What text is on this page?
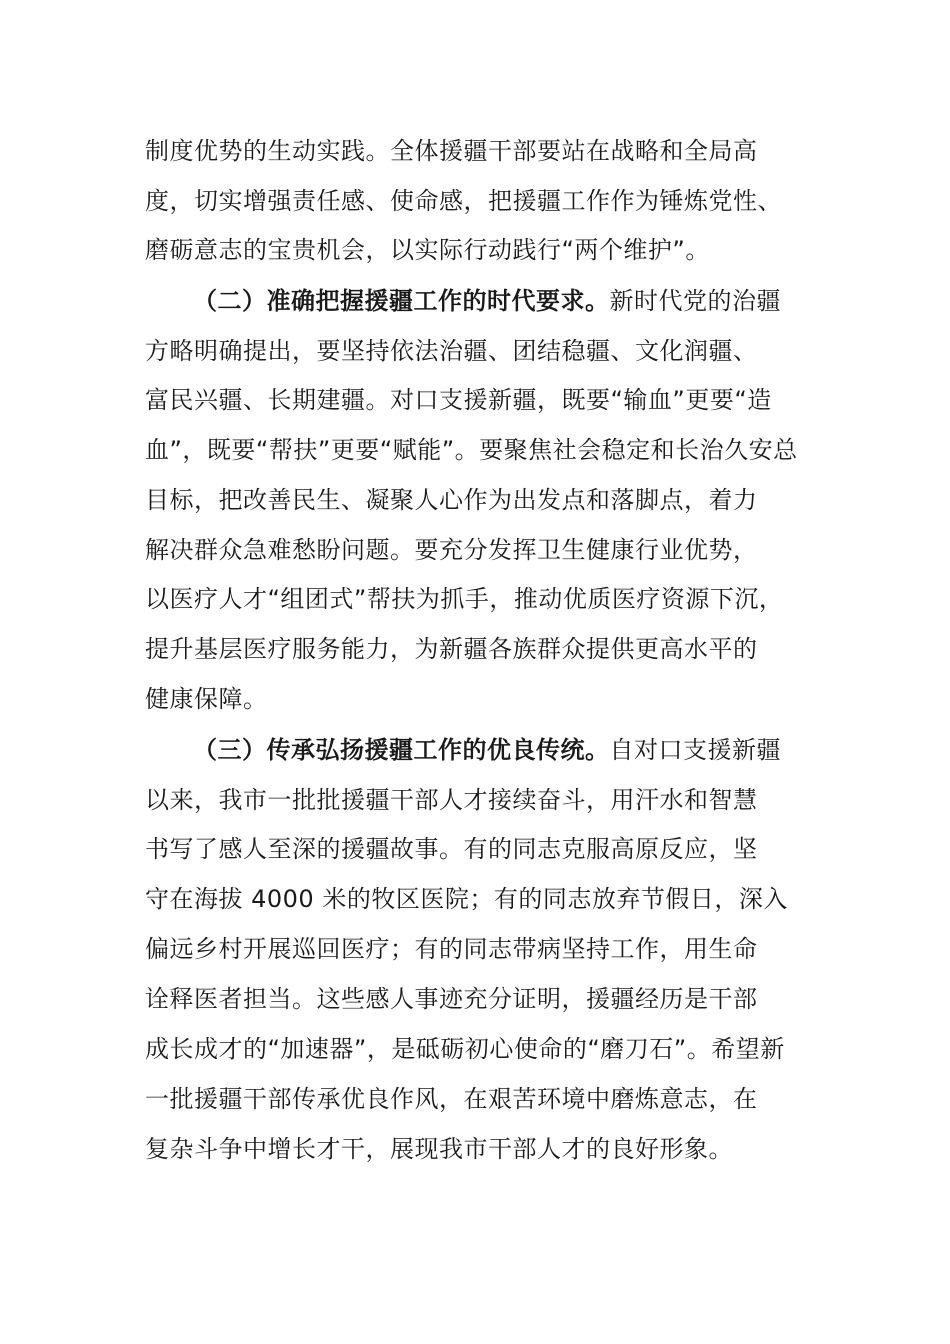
制度优势的生动实践。全体援疆干部要站在战略和全局高
度，切实增强责任感、使命感，把援疆工作作为锤炼党性、
磨砺意志的宝贵机会，以实际行动践行“两个维护”。
（二）准确把握援疆工作的时代要求。新时代党的治疆
方略明确提出，要坚持依法治疆、团结稳疆、文化润疆、
富民兴疆、长期建疆。对口支援新疆，既要“输血”更要“造
血”，既要“帮扶”更要“赋能”。要聚焦社会稳定和长治久安总
目标，把改善民生、凝聚人心作为出发点和落脚点，着力
解决群众急难愁盼问题。要充分发挥卫生健康行业优势，
以医疗人才“组团式”帮扶为抓手，推动优质医疗资源下沉，
提升基层医疗服务能力，为新疆各族群众提供更高水平的
健康保障。
（三）传承弘扬援疆工作的优良传统。自对口支援新疆
以来，我市一批批援疆干部人才接续奋斗，用汗水和智慧
书写了感人至深的援疆故事。有的同志克服高原反应，坚
守在海拔 4000 米的牧区医院；有的同志放弃节假日，深入
偏远乡村开展巡回医疗；有的同志带病坚持工作，用生命
诠释医者担当。这些感人事迹充分证明，援疆经历是干部
成长成才的“加速器”，是砥砺初心使命的“磨刀石”。希望新
一批援疆干部传承优良作风，在艰苦环境中磨炼意志，在
复杂斗争中增长才干，展现我市干部人才的良好形象。
